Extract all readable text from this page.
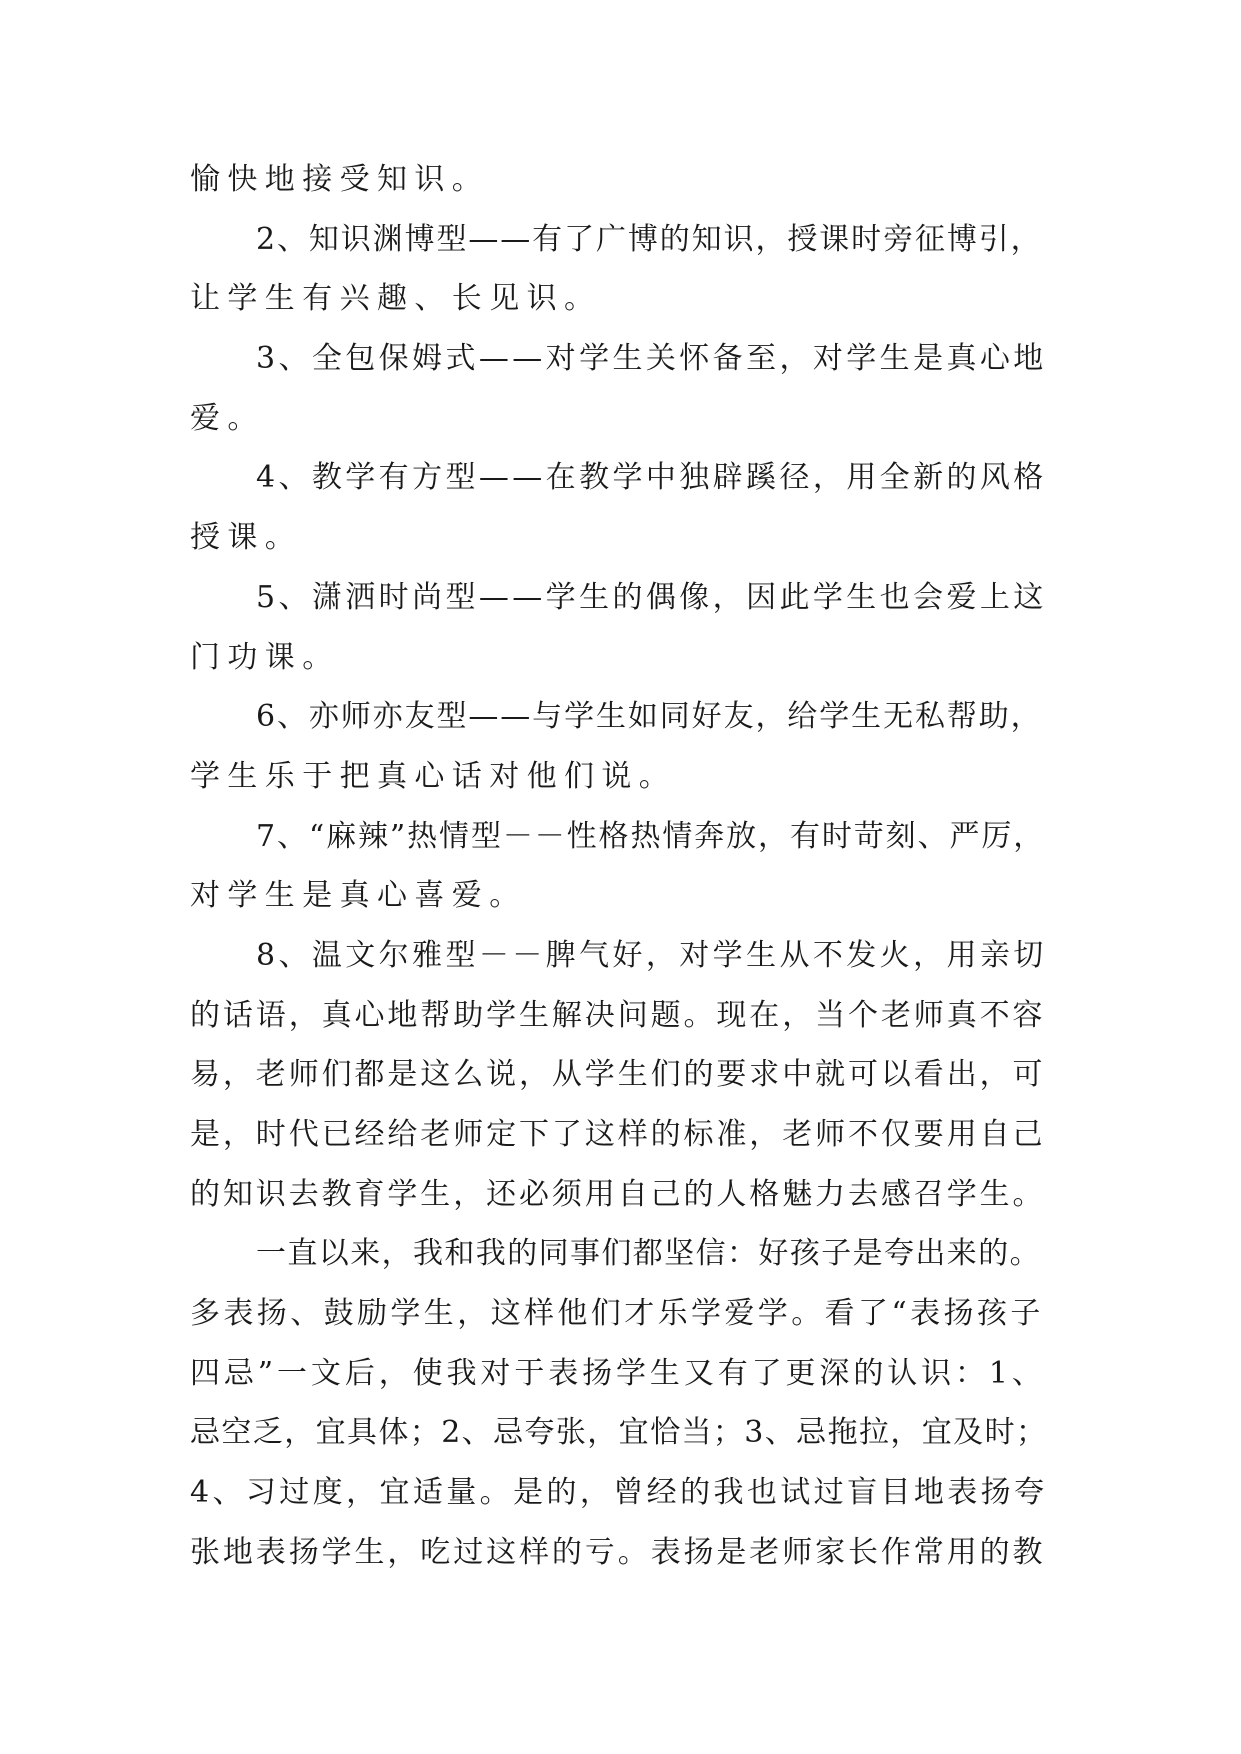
愉快地接受知识。
2、知识渊博型——有了广博的知识，授课时旁征博引，
让学生有兴趣、长见识。
3、全包保姆式——对学生关怀备至，对学生是真心地
爱。
4、教学有方型——在教学中独辟蹊径，用全新的风格
授课。
5、潇洒时尚型——学生的偶像，因此学生也会爱上这
门功课。
6、亦师亦友型——与学生如同好友，给学生无私帮助，
学生乐于把真心话对他们说。
7、“麻辣”热情型－－性格热情奔放，有时苛刻、严厉，
对学生是真心喜爱。
8、温文尔雅型－－脾气好，对学生从不发火，用亲切
的话语，真心地帮助学生解决问题。现在，当个老师真不容
易，老师们都是这么说，从学生们的要求中就可以看出，可
是，时代已经给老师定下了这样的标准，老师不仅要用自己
的知识去教育学生，还必须用自己的人格魅力去感召学生。
一直以来，我和我的同事们都坚信：好孩子是夸出来的。
多表扬、鼓励学生，这样他们才乐学爱学。看了“表扬孩子
四忌”一文后，使我对于表扬学生又有了更深的认识：1、
忌空乏，宜具体；2、忌夸张，宜恰当；3、忌拖拉，宜及时；
4、习过度，宜适量。是的，曾经的我也试过盲目地表扬夸
张地表扬学生，吃过这样的亏。表扬是老师家长作常用的教
